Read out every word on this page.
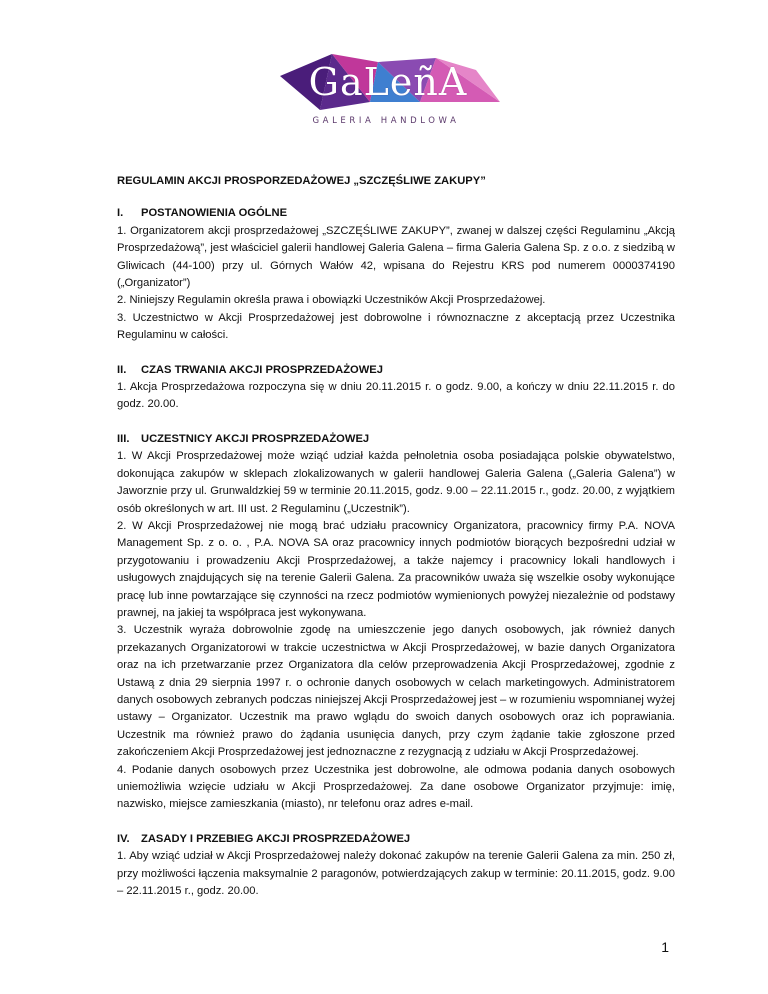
GaLeñA
GALERIA HANDLOWA

REGULAMIN AKCJI PROSPORZEDAŻOWEJ „SZCZĘŚLIWE ZAKUPY”

I. POSTANOWIENIA OGÓLNE

1. Organizatorem akcji prosprzedażowej „SZCZĘŚLIWE ZAKUPY”, zwanej w dalszej części Regulaminu „Akcją Prosprzedażową”, jest właściciel galerii handlowej Galeria Galena – firma Galeria Galena Sp. z o.o. z siedzibą w Gliwicach (44-100) przy ul. Górnych Wałów 42, wpisana do Rejestru KRS pod numerem 0000374190 („Organizator”)

2. Niniejszy Regulamin określa prawa i obowiązki Uczestników Akcji Prosprzedażowej.

3. Uczestnictwo w Akcji Prosprzedażowej jest dobrowolne i równoznaczne z akceptacją przez Uczestnika Regulaminu w całości.

II. CZAS TRWANIA AKCJI PROSPRZEDAŻOWEJ

1. Akcja Prosprzedażowa rozpoczyna się w dniu 20.11.2015 r. o godz. 9.00, a kończy w dniu 22.11.2015 r. do godz. 20.00.

III. UCZESTNICY AKCJI PROSPRZEDAŻOWEJ

1. W Akcji Prosprzedażowej może wziąć udział każda pełnoletnia osoba posiadająca polskie obywatelstwo, dokonująca zakupów w sklepach zlokalizowanych w galerii handlowej Galeria Galena („Galeria Galena”) w Jaworznie przy ul. Grunwaldzkiej 59 w terminie 20.11.2015, godz. 9.00 – 22.11.2015 r., godz. 20.00, z wyjątkiem osób określonych w art. III ust. 2 Regulaminu („Uczestnik”).

2. W Akcji Prosprzedażowej nie mogą brać udziału pracownicy Organizatora, pracownicy firmy P.A. NOVA Management Sp. z o. o. , P.A. NOVA SA oraz pracownicy innych podmiotów biorących bezpośredni udział w przygotowaniu i prowadzeniu Akcji Prosprzedażowej, a także najemcy i pracownicy lokali handlowych i usługowych znajdujących się na terenie Galerii Galena. Za pracowników uważa się wszelkie osoby wykonujące pracę lub inne powtarzające się czynności na rzecz podmiotów wymienionych powyżej niezależnie od podstawy prawnej, na jakiej ta współpraca jest wykonywana.

3. Uczestnik wyraża dobrowolnie zgodę na umieszczenie jego danych osobowych, jak również danych przekazanych Organizatorowi w trakcie uczestnictwa w Akcji Prosprzedażowej, w bazie danych Organizatora oraz na ich przetwarzanie przez Organizatora dla celów przeprowadzenia Akcji Prosprzedażowej, zgodnie z Ustawą z dnia 29 sierpnia 1997 r. o ochronie danych osobowych w celach marketingowych. Administratorem danych osobowych zebranych podczas niniejszej Akcji Prosprzedażowej jest – w rozumieniu wspomnianej wyżej ustawy – Organizator. Uczestnik ma prawo wglądu do swoich danych osobowych oraz ich poprawiania. Uczestnik ma również prawo do żądania usunięcia danych, przy czym żądanie takie zgłoszone przed zakończeniem Akcji Prosprzedażowej jest jednoznaczne z rezygnacją z udziału w Akcji Prosprzedażowej.

4. Podanie danych osobowych przez Uczestnika jest dobrowolne, ale odmowa podania danych osobowych uniemożliwia wzięcie udziału w Akcji Prosprzedażowej. Za dane osobowe Organizator przyjmuje: imię, nazwisko, miejsce zamieszkania (miasto), nr telefonu oraz adres e-mail.

IV. ZASADY I PRZEBIEG AKCJI PROSPRZEDAŻOWEJ

1. Aby wziąć udział w Akcji Prosprzedażowej należy dokonać zakupów na terenie Galerii Galena za min. 250 zł, przy możliwości łączenia maksymalnie 2 paragonów, potwierdzających zakup w terminie: 20.11.2015, godz. 9.00 – 22.11.2015 r., godz. 20.00.

1
